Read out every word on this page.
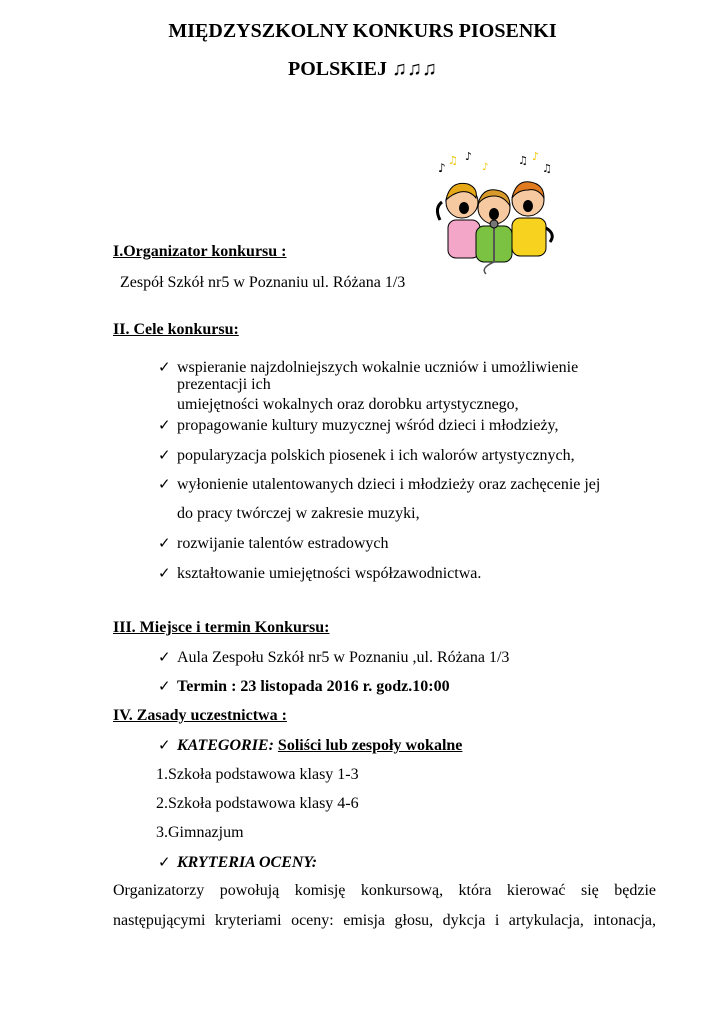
MIĘDZYSZKOLNY KONKURS PIOSENKI
POLSKIEJ ♫♫♫
♪
♫ ♪
♪
♫ ♪
♫
I.Organizator konkursu :
Zespół Szkół nr5 w Poznaniu ul. Różana 1/3
II. Cele konkursu:
✓ wspieranie najzdolniejszych wokalnie uczniów i umożliwienie
prezentacji ich
umiejętności wokalnych oraz dorobku artystycznego,
✓ propagowanie kultury muzycznej wśród dzieci i młodzieży,
✓ popularyzacja polskich piosenek i ich walorów artystycznych,
✓ wyłonienie utalentowanych dzieci i młodzieży oraz zachęcenie jej
do pracy twórczej w zakresie muzyki,
✓ rozwijanie talentów estradowych
✓ kształtowanie umiejętności współzawodnictwa.
III. Miejsce i termin Konkursu:
✓ Aula Zespołu Szkół nr5 w Poznaniu ,ul. Różana 1/3
✓ Termin : 23 listopada 2016 r. godz.10:00
IV. Zasady uczestnictwa :
✓ KATEGORIE: Soliści lub zespoły wokalne
1.Szkoła podstawowa klasy 1-3
2.Szkoła podstawowa klasy 4-6
3.Gimnazjum
✓ KRYTERIA OCENY:
Organizatorzy powołują komisję konkursową, która kierować się będzie
następującymi kryteriami oceny: emisja głosu, dykcja i artykulacja, intonacja,
